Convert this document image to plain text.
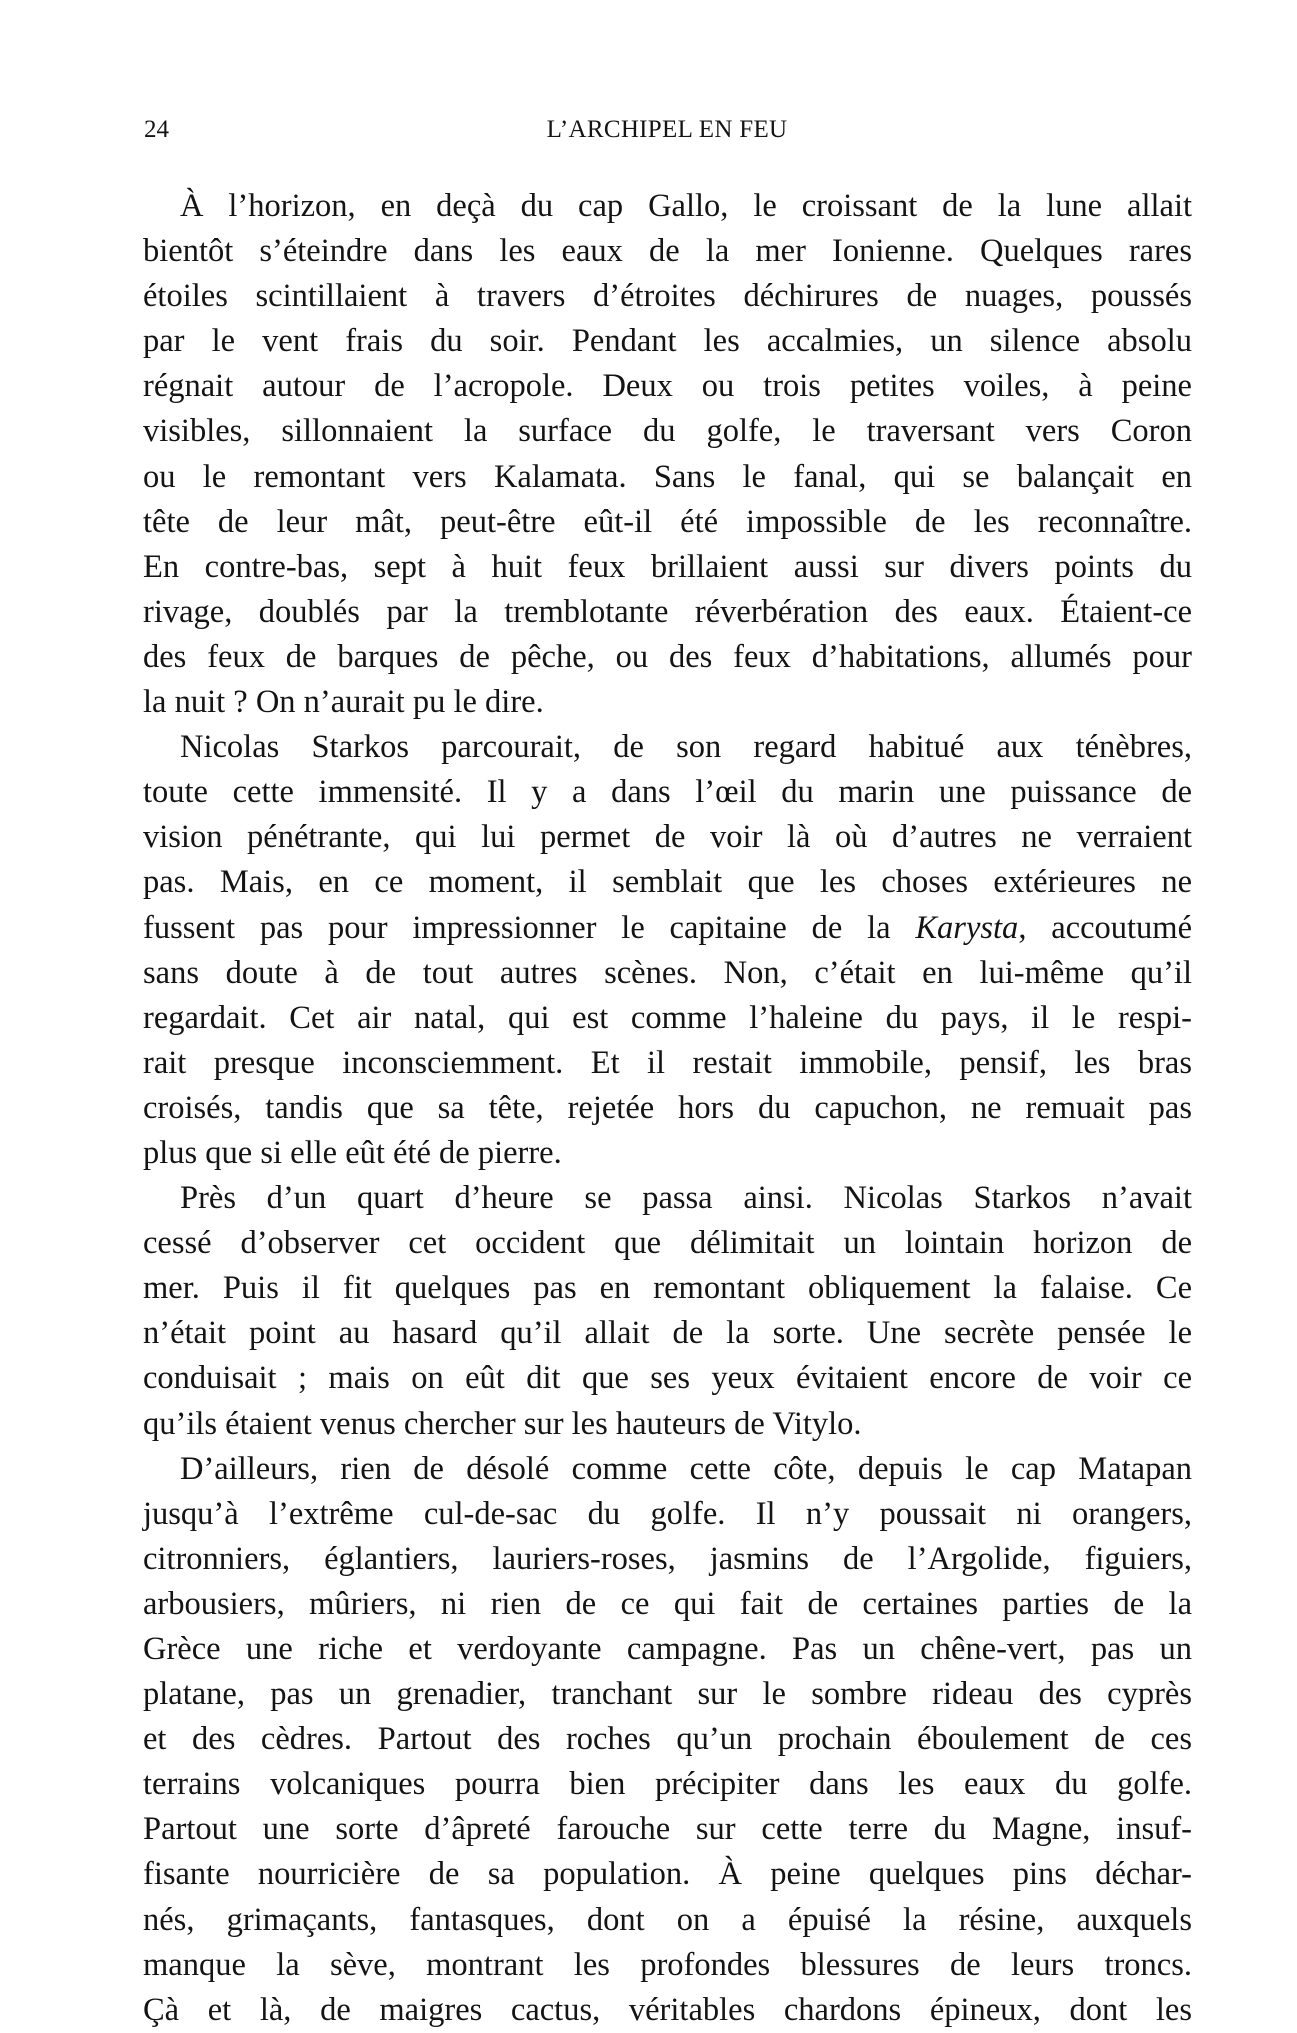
24	L’ARCHIPEL EN FEU
À l’horizon, en deçà du cap Gallo, le croissant de la lune allait
bientôt s’éteindre dans les eaux de la mer Ionienne. Quelques rares
étoiles scintillaient à travers d’étroites déchirures de nuages, poussés
par le vent frais du soir. Pendant les accalmies, un silence absolu
régnait autour de l’acropole. Deux ou trois petites voiles, à peine
visibles, sillonnaient la surface du golfe, le traversant vers Coron
ou le remontant vers Kalamata. Sans le fanal, qui se balançait en
tête de leur mât, peut-être eût-il été impossible de les reconnaître.
En contre-bas, sept à huit feux brillaient aussi sur divers points du
rivage, doublés par la tremblotante réverbération des eaux. Étaient-ce
des feux de barques de pêche, ou des feux d’habitations, allumés pour
la nuit ? On n’aurait pu le dire.
Nicolas Starkos parcourait, de son regard habitué aux ténèbres,
toute cette immensité. Il y a dans l’œil du marin une puissance de
vision pénétrante, qui lui permet de voir là où d’autres ne verraient
pas. Mais, en ce moment, il semblait que les choses extérieures ne
fussent pas pour impressionner le capitaine de la Karysta, accoutumé
sans doute à de tout autres scènes. Non, c’était en lui-même qu’il
regardait. Cet air natal, qui est comme l’haleine du pays, il le respi-
rait presque inconsciemment. Et il restait immobile, pensif, les bras
croisés, tandis que sa tête, rejetée hors du capuchon, ne remuait pas
plus que si elle eût été de pierre.
Près d’un quart d’heure se passa ainsi. Nicolas Starkos n’avait
cessé d’observer cet occident que délimitait un lointain horizon de
mer. Puis il fit quelques pas en remontant obliquement la falaise. Ce
n’était point au hasard qu’il allait de la sorte. Une secrète pensée le
conduisait ; mais on eût dit que ses yeux évitaient encore de voir ce
qu’ils étaient venus chercher sur les hauteurs de Vitylo.
D’ailleurs, rien de désolé comme cette côte, depuis le cap Matapan
jusqu’à l’extrême cul-de-sac du golfe. Il n’y poussait ni orangers,
citronniers, églantiers, lauriers-roses, jasmins de l’Argolide, figuiers,
arbousiers, mûriers, ni rien de ce qui fait de certaines parties de la
Grèce une riche et verdoyante campagne. Pas un chêne-vert, pas un
platane, pas un grenadier, tranchant sur le sombre rideau des cyprès
et des cèdres. Partout des roches qu’un prochain éboulement de ces
terrains volcaniques pourra bien précipiter dans les eaux du golfe.
Partout une sorte d’âpreté farouche sur cette terre du Magne, insuf-
fisante nourricière de sa population. À peine quelques pins déchar-
nés, grimaçants, fantasques, dont on a épuisé la résine, auxquels
manque la sève, montrant les profondes blessures de leurs troncs.
Çà et là, de maigres cactus, véritables chardons épineux, dont les
